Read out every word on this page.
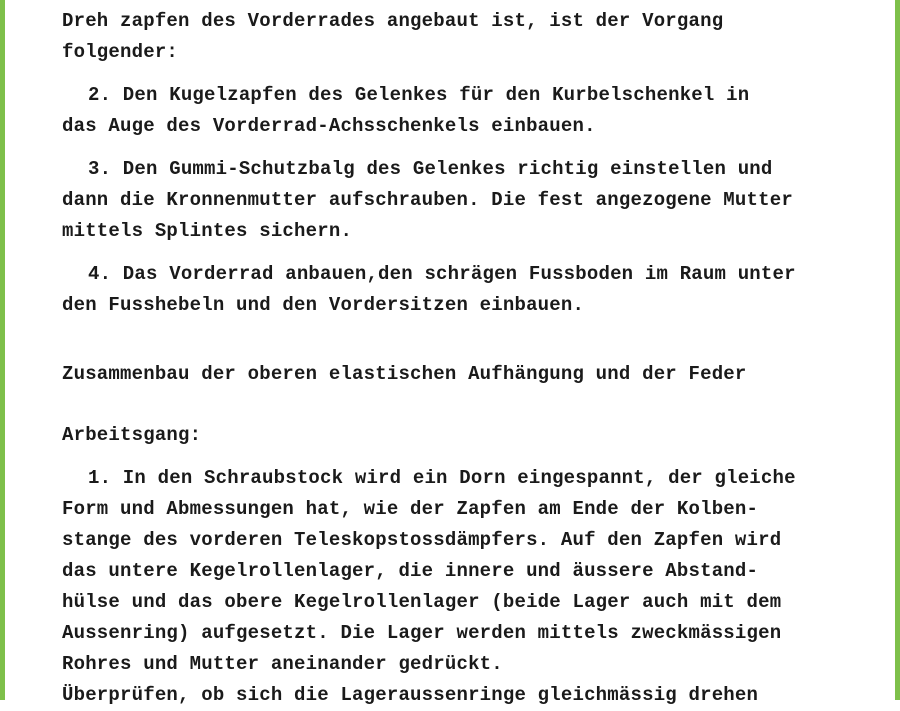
Dreh zapfen des Vorderrades angebaut ist, ist der Vorgang
folgender:
2. Den Kugelzapfen des Gelenkes für den Kurbelschenkel in
das Auge des Vorderrad-Achsschenkels einbauen.
3. Den Gummi-Schutzbalg des Gelenkes richtig einstellen und
dann die Kronnenmutter aufschrauben. Die fest angezogene Mutter
mittels Splintes sichern.
4. Das Vorderrad anbauen,den schrägen Fussboden im Raum unter
den Fusshebeln und den Vordersitzen einbauen.
Zusammenbau der oberen elastischen Aufhängung und der Feder
Arbeitsgang:
1. In den Schraubstock wird ein Dorn eingespannt, der gleiche
Form und Abmessungen hat, wie der Zapfen am Ende der Kolben-
stange des vorderen Teleskopstossdämpfers. Auf den Zapfen wird
das untere Kegelrollenlager, die innere und äussere Abstand-
hülse und das obere Kegelrollenlager (beide Lager auch mit dem
Aussenring) aufgesetzt. Die Lager werden mittels zweckmässigen
Rohres und Mutter aneinander gedrückt.
Überprüfen, ob sich die Lageraussenringe gleichmässig drehen
